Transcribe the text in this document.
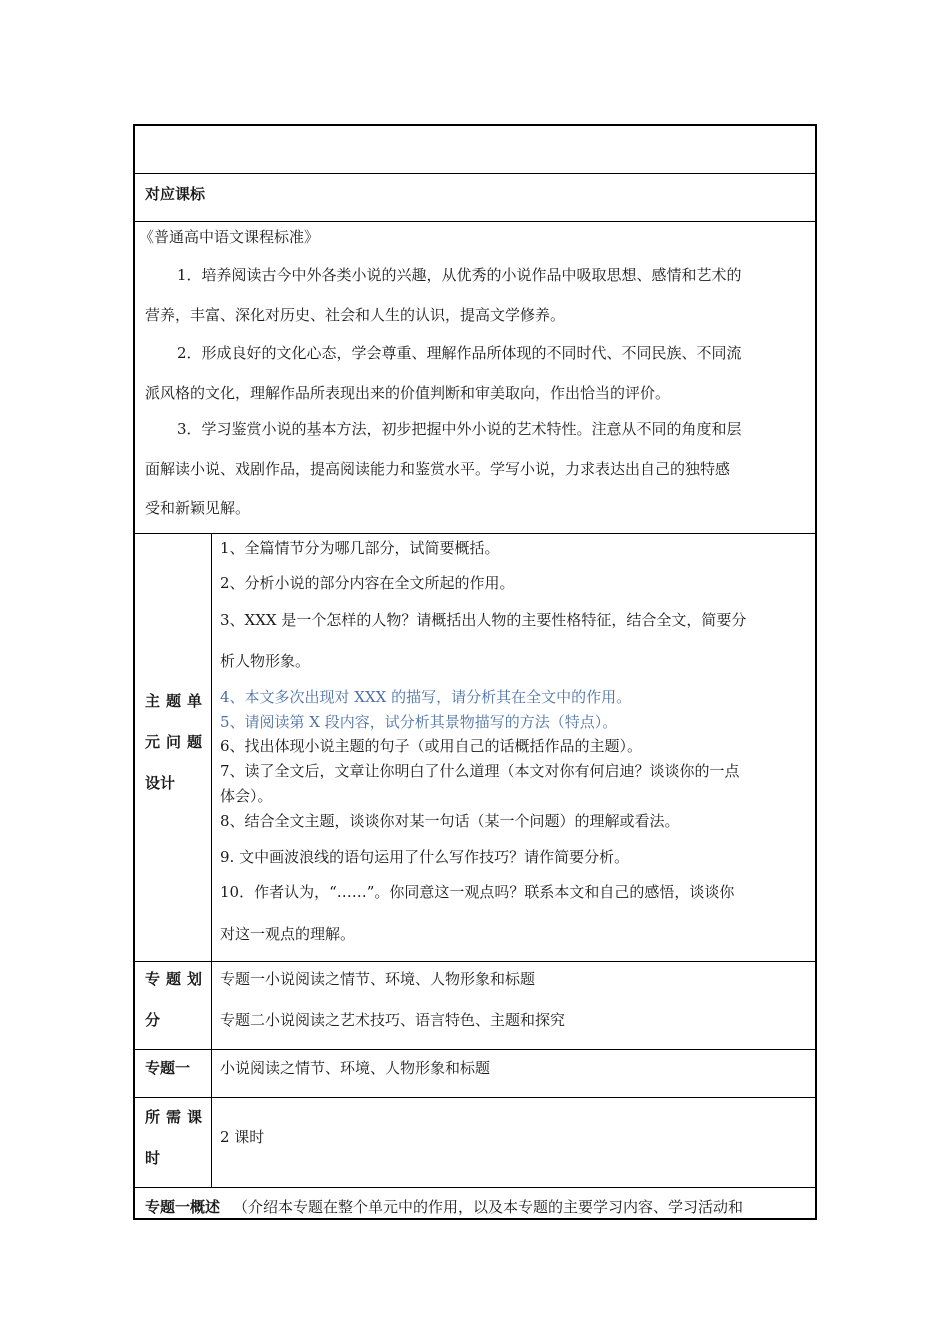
对应课标
《普通高中语文课程标准》
1．培养阅读古今中外各类小说的兴趣，从优秀的小说作品中吸取思想、感情和艺术的
营养，丰富、深化对历史、社会和人生的认识，提高文学修养。
2．形成良好的文化心态，学会尊重、理解作品所体现的不同时代、不同民族、不同流
派风格的文化，理解作品所表现出来的价值判断和审美取向，作出恰当的评价。
3．学习鉴赏小说的基本方法，初步把握中外小说的艺术特性。注意从不同的角度和层
面解读小说、戏剧作品，提高阅读能力和鉴赏水平。学写小说，力求表达出自己的独特感
受和新颖见解。
主题单
元问题
设计
1、全篇情节分为哪几部分，试简要概括。
2、分析小说的部分内容在全文所起的作用。
3、XXX 是一个怎样的人物？请概括出人物的主要性格特征，结合全文，简要分
析人物形象。
4、本文多次出现对 XXX 的描写，请分析其在全文中的作用。
5、请阅读第 X 段内容，试分析其景物描写的方法（特点）。
6、找出体现小说主题的句子（或用自己的话概括作品的主题）。
7、读了全文后，文章让你明白了什么道理（本文对你有何启迪？谈谈你的一点
体会）。
8、结合全文主题，谈谈你对某一句话（某一个问题）的理解或看法。
9. 文中画波浪线的语句运用了什么写作技巧？请作简要分析。
10．作者认为，“……”。你同意这一观点吗？联系本文和自己的感悟，谈谈你
对这一观点的理解。
专题划
分
专题一小说阅读之情节、环境、人物形象和标题
专题二小说阅读之艺术技巧、语言特色、主题和探究
专题一 小说阅读之情节、环境、人物形象和标题
所需课
时
2 课时
专题一概述 （介绍本专题在整个单元中的作用，以及本专题的主要学习内容、学习活动和
